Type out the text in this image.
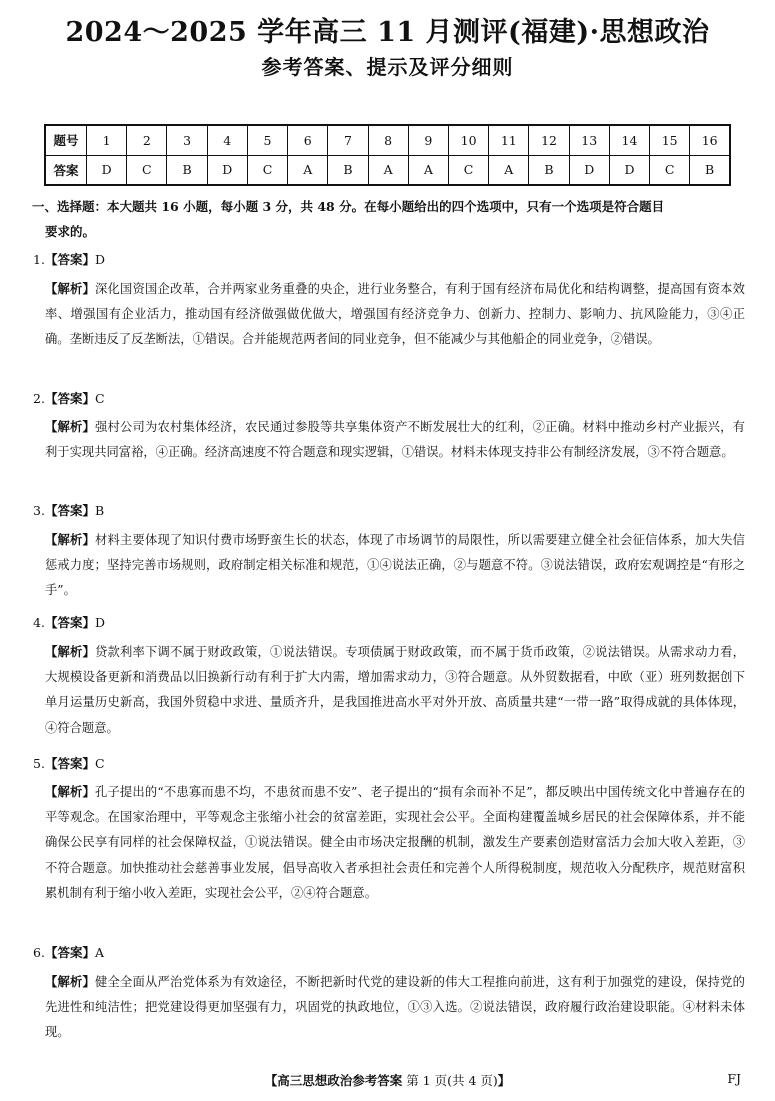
2024～2025 学年高三 11 月测评(福建)·思想政治
参考答案、提示及评分细则
题号	1	2	3	4	5	6	7	8	9	10	11	12	13	14	15	16
答案	D	C	B	D	C	A	B	A	A	C	A	B	D	D	C	B
一、选择题：本大题共 16 小题，每小题 3 分，共 48 分。在每小题给出的四个选项中，只有一个选项是符合题目
要求的。
1.【答案】D
【解析】深化国资国企改革，合并两家业务重叠的央企，进行业务整合，有利于国有经济布局优化和结构调整，提高国有资本效率、增强国有企业活力，推动国有经济做强做优做大，增强国有经济竞争力、创新力、控制力、影响力、抗风险能力，③④正确。垄断违反了反垄断法，①错误。合并能规范两者间的同业竞争，但不能减少与其他船企的同业竞争，②错误。
2.【答案】C
【解析】强村公司为农村集体经济，农民通过参股等共享集体资产不断发展壮大的红利，②正确。材料中推动乡村产业振兴，有利于实现共同富裕，④正确。经济高速度不符合题意和现实逻辑，①错误。材料未体现支持非公有制经济发展，③不符合题意。
3.【答案】B
【解析】材料主要体现了知识付费市场野蛮生长的状态，体现了市场调节的局限性，所以需要建立健全社会征信体系，加大失信惩戒力度；坚持完善市场规则，政府制定相关标准和规范，①④说法正确，②与题意不符。③说法错误，政府宏观调控是“有形之手”。
4.【答案】D
【解析】贷款利率下调不属于财政政策，①说法错误。专项债属于财政政策，而不属于货币政策，②说法错误。从需求动力看，大规模设备更新和消费品以旧换新行动有利于扩大内需，增加需求动力，③符合题意。从外贸数据看，中欧（亚）班列数据创下单月运量历史新高，我国外贸稳中求进、量质齐升，是我国推进高水平对外开放、高质量共建“一带一路”取得成就的具体体现，④符合题意。
5.【答案】C
【解析】孔子提出的“不患寡而患不均，不患贫而患不安”、老子提出的“损有余而补不足”，都反映出中国传统文化中普遍存在的平等观念。在国家治理中，平等观念主张缩小社会的贫富差距，实现社会公平。全面构建覆盖城乡居民的社会保障体系，并不能确保公民享有同样的社会保障权益，①说法错误。健全由市场决定报酬的机制，激发生产要素创造财富活力会加大收入差距，③不符合题意。加快推动社会慈善事业发展，倡导高收入者承担社会责任和完善个人所得税制度，规范收入分配秩序，规范财富积累机制有利于缩小收入差距，实现社会公平，②④符合题意。
6.【答案】A
【解析】健全全面从严治党体系为有效途径，不断把新时代党的建设新的伟大工程推向前进，这有利于加强党的建设，保持党的先进性和纯洁性；把党建设得更加坚强有力，巩固党的执政地位，①③入选。②说法错误，政府履行政治建设职能。④材料未体现。
【高三思想政治参考答案 第 1 页(共 4 页)】	FJ
